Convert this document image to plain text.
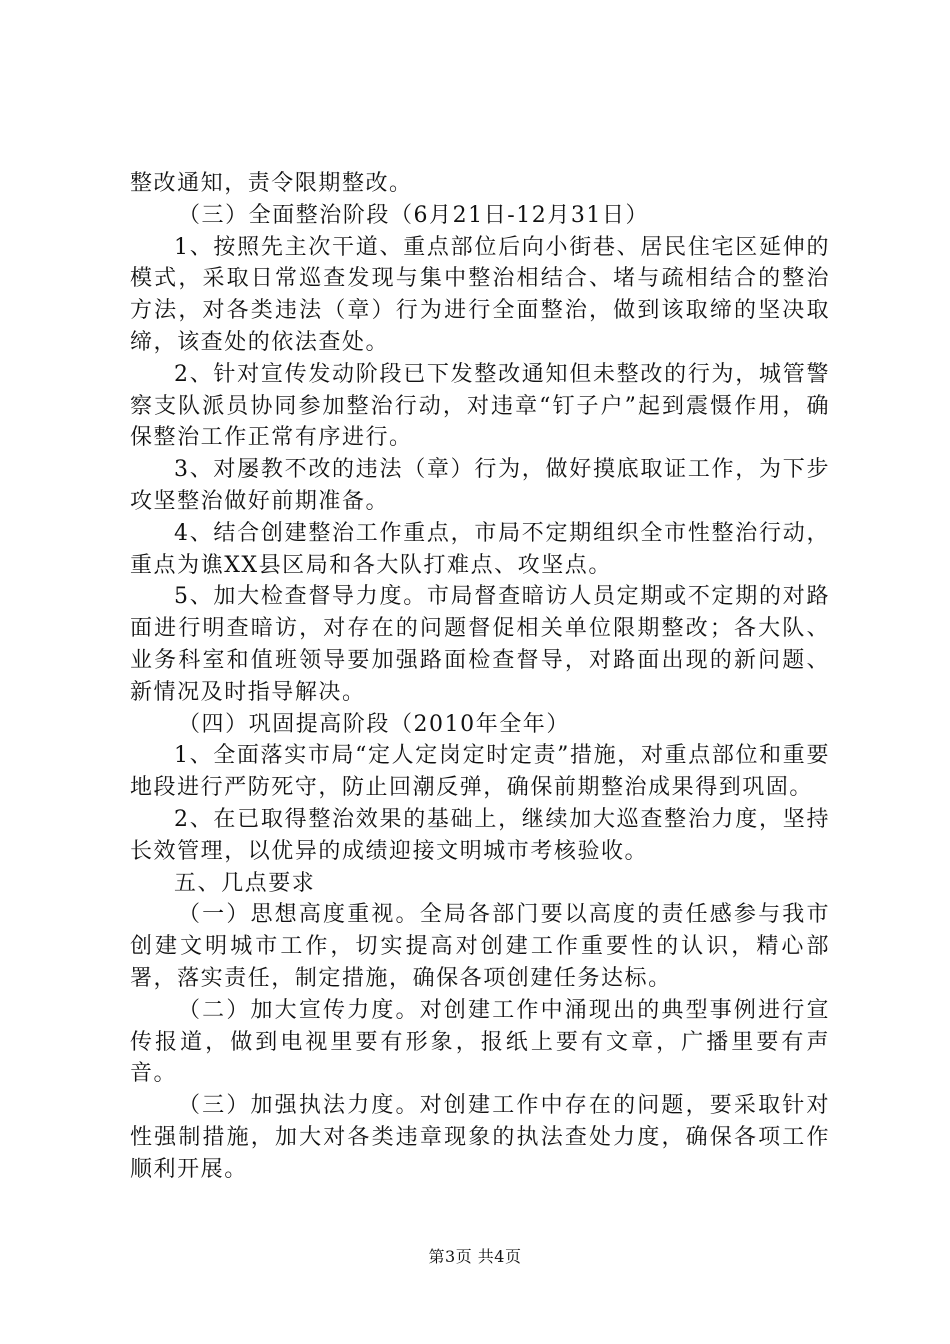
整改通知，责令限期整改。

（三）全面整治阶段（6月21日-12月31日）

1、按照先主次干道、重点部位后向小街巷、居民住宅区延伸的模式，采取日常巡查发现与集中整治相结合、堵与疏相结合的整治方法，对各类违法（章）行为进行全面整治，做到该取缔的坚决取缔，该查处的依法查处。

2、针对宣传发动阶段已下发整改通知但未整改的行为，城管警察支队派员协同参加整治行动，对违章“钉子户”起到震慑作用，确保整治工作正常有序进行。

3、对屡教不改的违法（章）行为，做好摸底取证工作，为下步攻坚整治做好前期准备。

4、结合创建整治工作重点，市局不定期组织全市性整治行动，重点为谯XX县区局和各大队打难点、攻坚点。

5、加大检查督导力度。市局督查暗访人员定期或不定期的对路面进行明查暗访，对存在的问题督促相关单位限期整改；各大队、业务科室和值班领导要加强路面检查督导，对路面出现的新问题、新情况及时指导解决。

（四）巩固提高阶段（2010年全年）

1、全面落实市局“定人定岗定时定责”措施，对重点部位和重要地段进行严防死守，防止回潮反弹，确保前期整治成果得到巩固。

2、在已取得整治效果的基础上，继续加大巡查整治力度，坚持长效管理，以优异的成绩迎接文明城市考核验收。

五、几点要求

（一）思想高度重视。全局各部门要以高度的责任感参与我市创建文明城市工作，切实提高对创建工作重要性的认识，精心部署，落实责任，制定措施，确保各项创建任务达标。

（二）加大宣传力度。对创建工作中涌现出的典型事例进行宣传报道，做到电视里要有形象，报纸上要有文章，广播里要有声音。

（三）加强执法力度。对创建工作中存在的问题，要采取针对性强制措施，加大对各类违章现象的执法查处力度，确保各项工作顺利开展。

第3页 共4页
